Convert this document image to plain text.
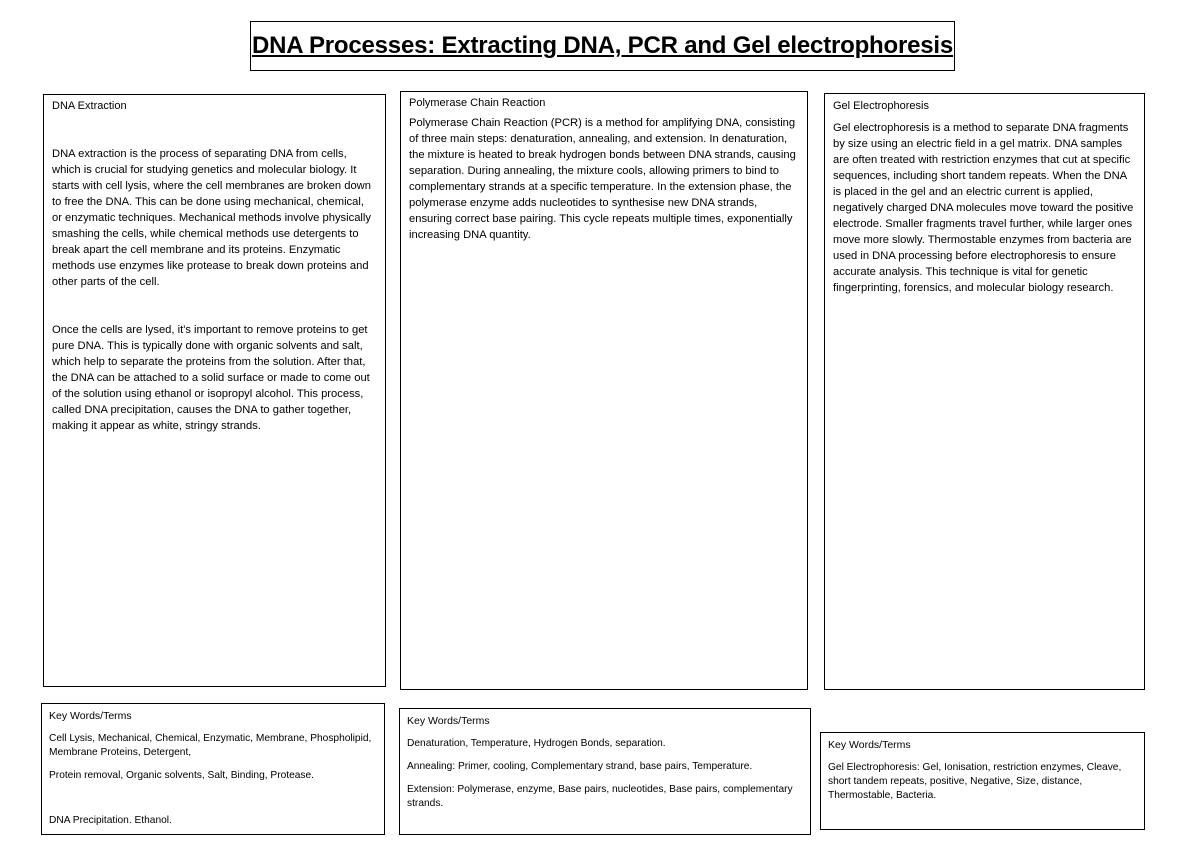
DNA Processes: Extracting DNA, PCR and Gel electrophoresis
DNA Extraction

DNA extraction is the process of separating DNA from cells, which is crucial for studying genetics and molecular biology. It starts with cell lysis, where the cell membranes are broken down to free the DNA. This can be done using mechanical, chemical, or enzymatic techniques. Mechanical methods involve physically smashing the cells, while chemical methods use detergents to break apart the cell membrane and its proteins. Enzymatic methods use enzymes like protease to break down proteins and other parts of the cell.

Once the cells are lysed, it's important to remove proteins to get pure DNA. This is typically done with organic solvents and salt, which help to separate the proteins from the solution. After that, the DNA can be attached to a solid surface or made to come out of the solution using ethanol or isopropyl alcohol. This process, called DNA precipitation, causes the DNA to gather together, making it appear as white, stringy strands.

Polymerase Chain Reaction

Polymerase Chain Reaction (PCR) is a method for amplifying DNA, consisting of three main steps: denaturation, annealing, and extension. In denaturation, the mixture is heated to break hydrogen bonds between DNA strands, causing separation. During annealing, the mixture cools, allowing primers to bind to complementary strands at a specific temperature. In the extension phase, the polymerase enzyme adds nucleotides to synthesise new DNA strands, ensuring correct base pairing. This cycle repeats multiple times, exponentially increasing DNA quantity.

Gel Electrophoresis

Gel electrophoresis is a method to separate DNA fragments by size using an electric field in a gel matrix. DNA samples are often treated with restriction enzymes that cut at specific sequences, including short tandem repeats. When the DNA is placed in the gel and an electric current is applied, negatively charged DNA molecules move toward the positive electrode. Smaller fragments travel further, while larger ones move more slowly. Thermostable enzymes from bacteria are used in DNA processing before electrophoresis to ensure accurate analysis. This technique is vital for genetic fingerprinting, forensics, and molecular biology research.

Key Words/Terms

Cell Lysis, Mechanical, Chemical, Enzymatic, Membrane, Phospholipid, Membrane Proteins, Detergent,

Protein removal, Organic solvents, Salt, Binding, Protease.

DNA Precipitation. Ethanol.

Key Words/Terms

Denaturation, Temperature, Hydrogen Bonds, separation.

Annealing: Primer, cooling, Complementary strand, base pairs, Temperature.

Extension: Polymerase, enzyme, Base pairs, nucleotides, Base pairs, complementary strands.

Key Words/Terms

Gel Electrophoresis: Gel, Ionisation, restriction enzymes, Cleave, short tandem repeats, positive, Negative, Size, distance, Thermostable, Bacteria.
